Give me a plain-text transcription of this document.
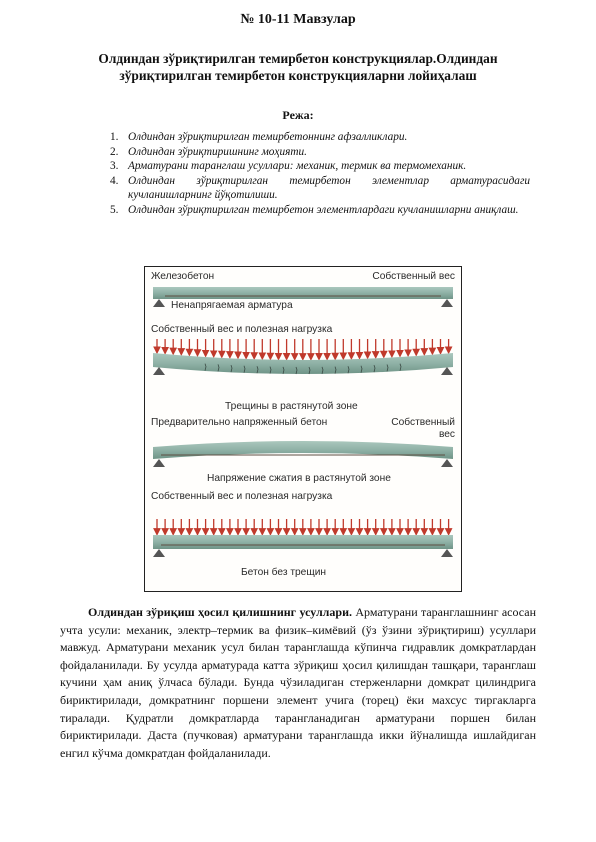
№ 10-11 Мавзулар
Олдиндан зўриқтирилган темирбетон конструкциялар.Олдиндан зўриқтирилган темирбетон конструкцияларни лойиҳалаш
Режа:
1. Олдиндан зўриқтирилган темирбетоннинг афзалликлари.
2. Олдиндан зўриқтиришнинг моҳияти.
3. Арматурани таранглаш усуллари: механик, термик ва термомеханик.
4. Олдиндан зўриқтирилган темирбетон элементлар арматурасидаги кучланишларнинг йўқотилиши.
5. Олдиндан зўриқтирилган темирбетон элементлардаги кучланишларни аниқлаш.
Железобетон	Собственный вес
Ненапрягаемая арматура
Собственный вес и полезная нагрузка
Трещины в растянутой зоне
Предварительно напряженный бетон	Собственный
вес
Напряжение сжатия в растянутой зоне
Собственный вес и полезная нагрузка
Бетон без трещин

Олдиндан зўриқиш ҳосил қилишнинг усуллари. Арматурани таранглашнинг асосан учта усули: механик, электр–термик ва физик–кимёвий (ўз ўзини зўриқтириш) усуллари мавжуд. Арматурани механик усул билан таранглашда кўпинча гидравлик домкратлардан фойдаланилади. Бу усулда арматурада катта зўриқиш ҳосил қилишдан ташқари, таранглаш кучини ҳам аниқ ўлчаса бўлади. Бунда чўзиладиган стерженларни домкрат цилиндрига бириктирилади, домкратнинг поршени элемент учига (торец) ёки махсус тиргакларга тиралади. Қудратли домкратларда тарангланадиган арматурани поршен билан бириктирилади. Даста (пучковая) арматурани таранглашда икки йўналишда ишлайдиган енгил кўчма домкратдан фойдаланилади.
